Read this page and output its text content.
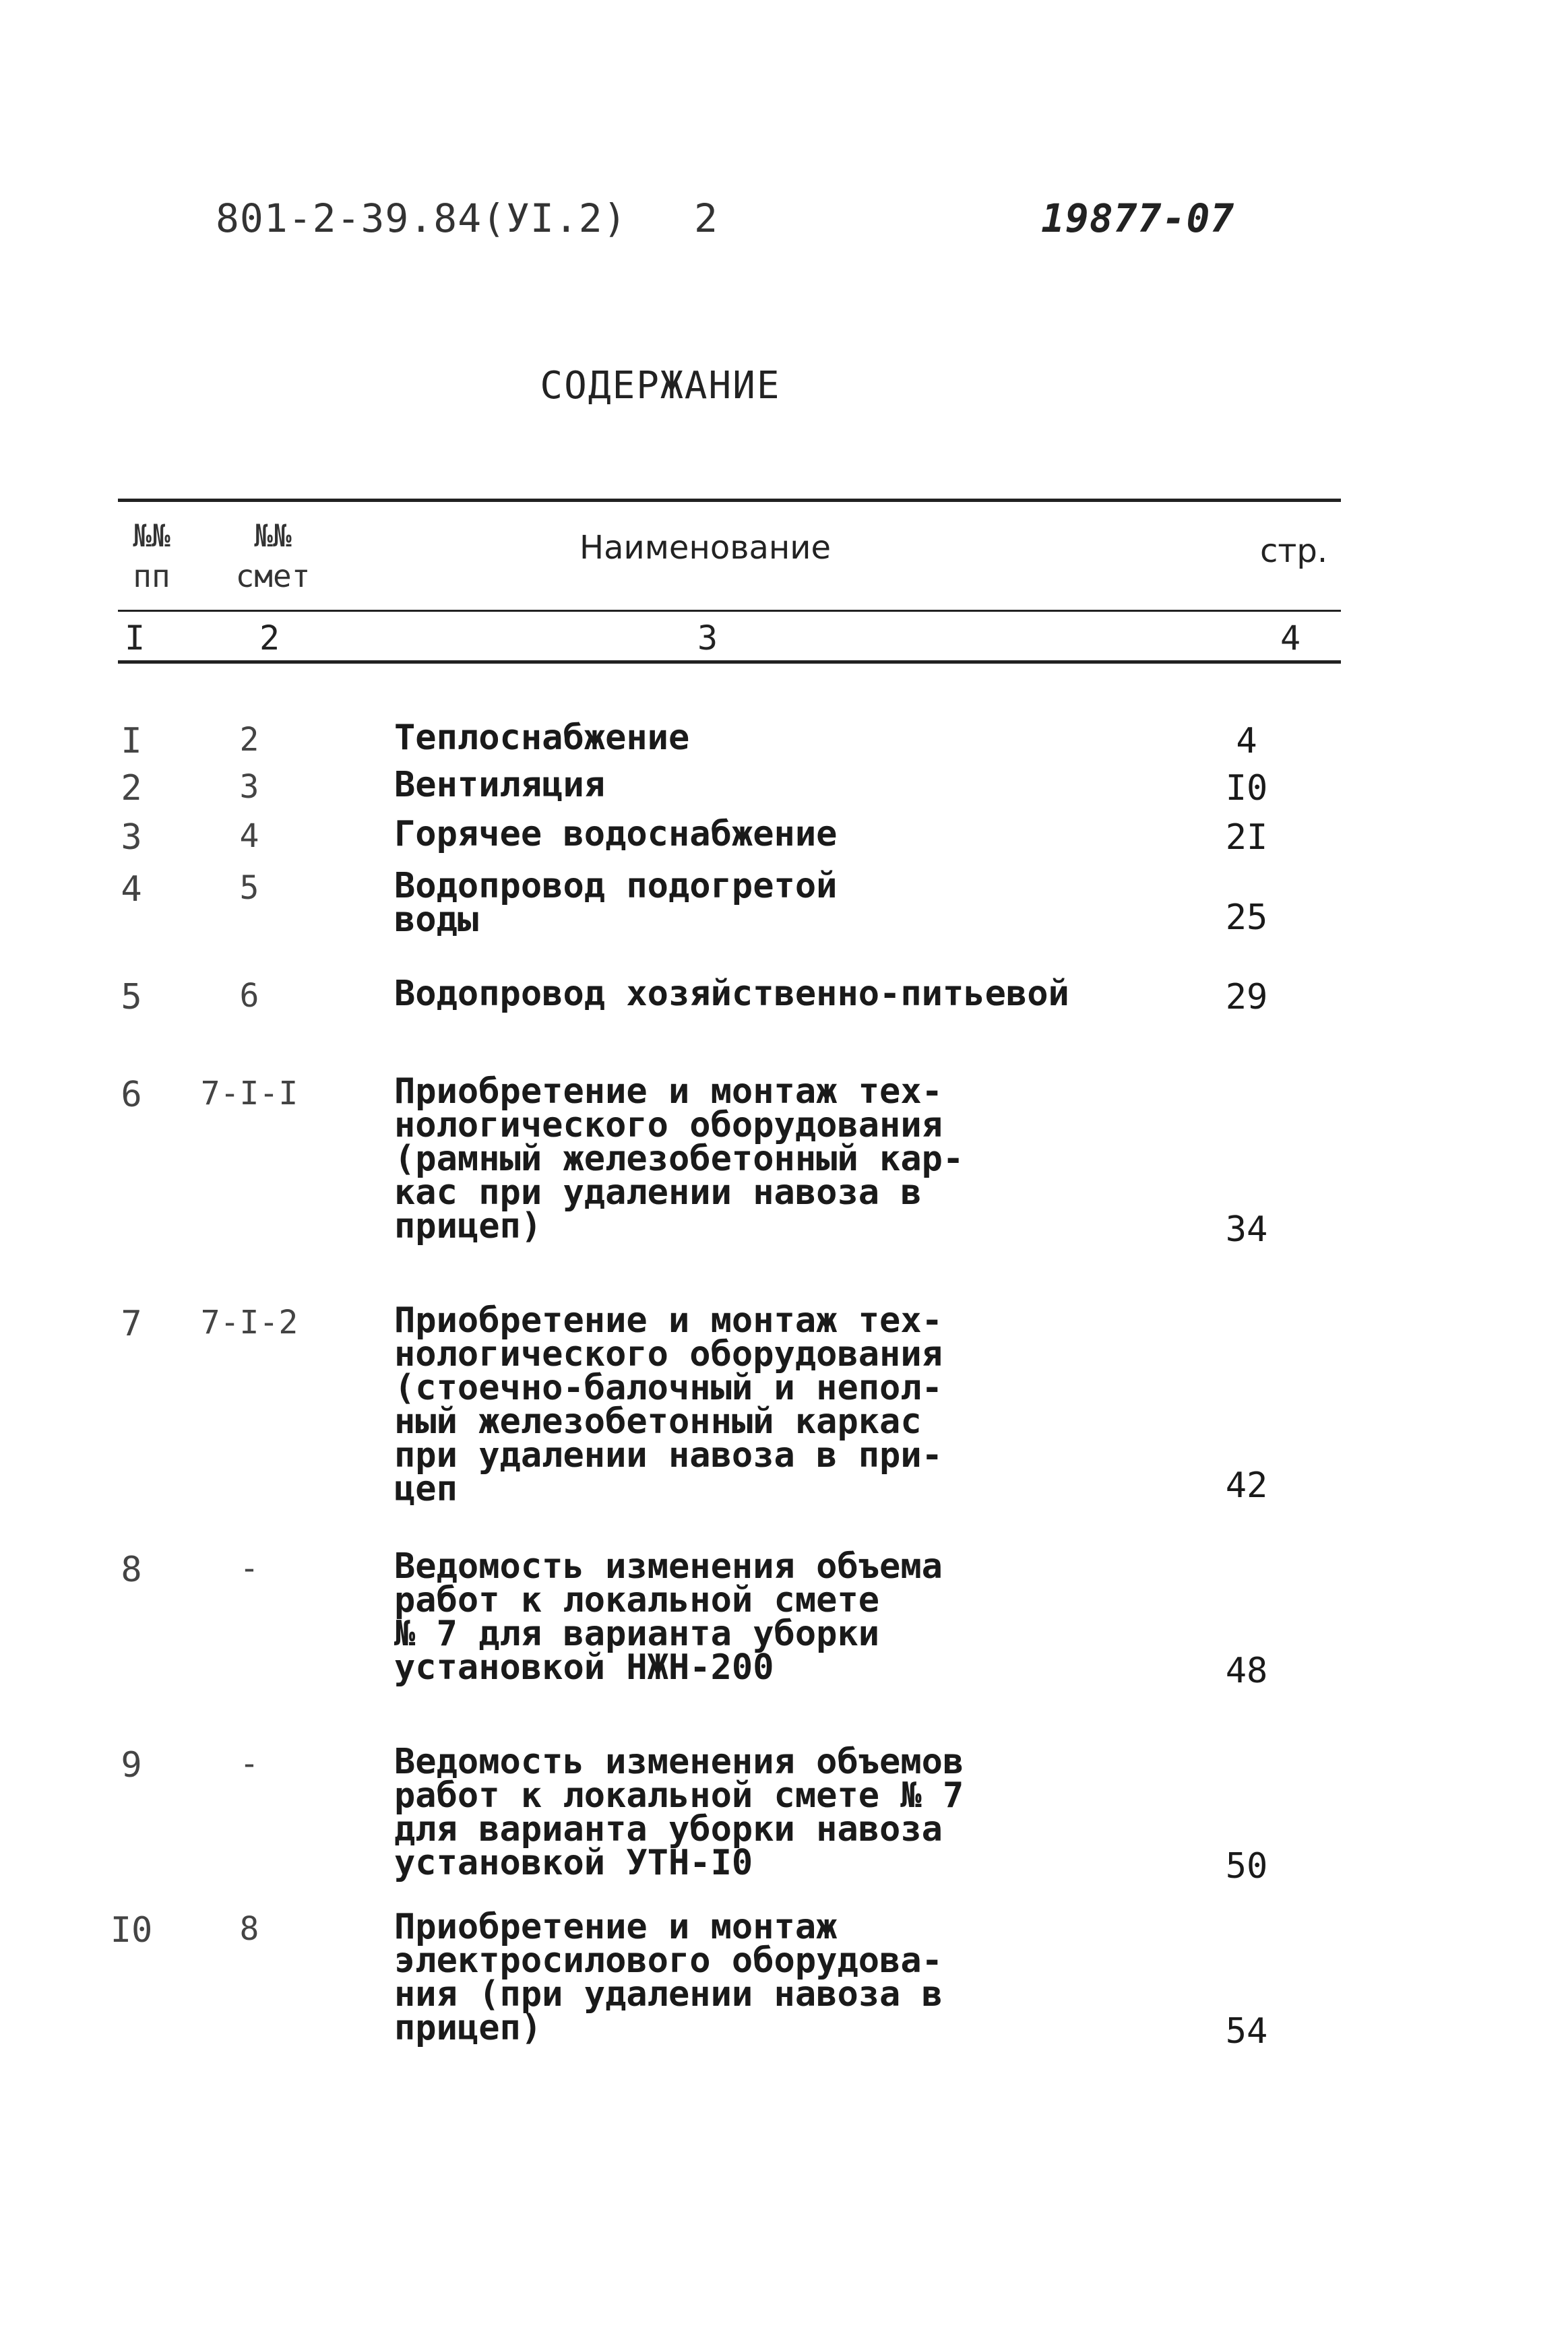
801-2-39.84(УI.2) 2	19877-07
СОДЕРЖАНИЕ
№№
пп
№№
смет
Наименование	стр.
I	2	3	4
I	2	Теплоснабжение	4
2	3	Вентиляция	I0
3	4	Горячее водоснабжение	2I
4	5	Водопровод подогретой
воды	25
5	6	Водопровод хозяйственно-питьевой	29
6	7-I-I	Приобретение и монтаж тех-
нологического оборудования
(рамный железобетонный кар-
кас при удалении навоза в
прицеп)	34
7	7-I-2	Приобретение и монтаж тех-
нологического оборудования
(стоечно-балочный и непол-
ный железобетонный каркас
при удалении навоза в при-
цеп	42
8	-	Ведомость изменения объема
работ к локальной смете
№ 7 для варианта уборки
установкой НЖН-200	48
9	-	Ведомость изменения объемов
работ к локальной смете № 7
для варианта уборки навоза
установкой УТН-I0	50
I0	8	Приобретение и монтаж
электросилового оборудова-
ния (при удалении навоза в
прицеп)	54
